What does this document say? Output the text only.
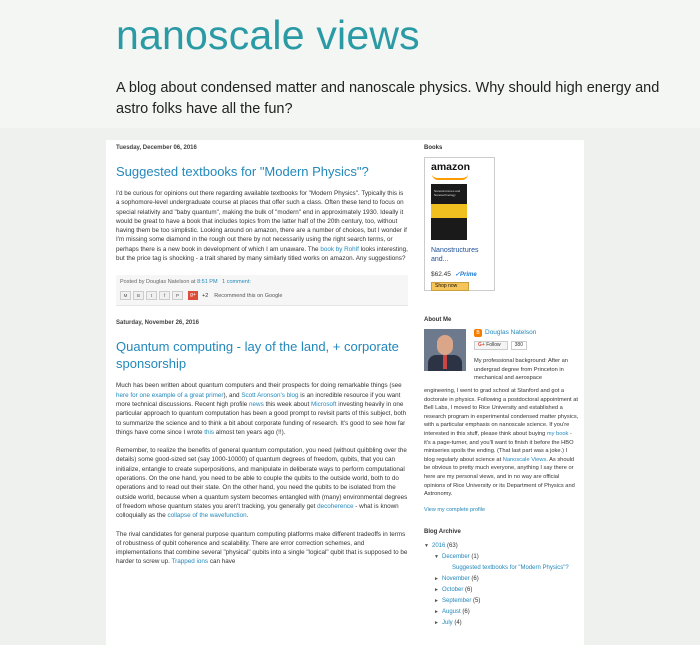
nanoscale views
A blog about condensed matter and nanoscale physics. Why should high energy and astro folks have all the fun?
Tuesday, December 06, 2016
Suggested textbooks for "Modern Physics"?

I'd be curious for opinions out there regarding available textbooks for "Modern Physics". Typically this is a sophomore-level undergraduate course at places that offer such a class. Often these tend to focus on special relativity and "baby quantum", making the bulk of "modern" end in approximately 1930. Ideally it would be great to have a book that includes topics from the latter half of the 20th century, too, without having them be too simplistic. Looking around on amazon, there are a number of choices, but I wonder if I'm missing some diamond in the rough out there by not necessarily using the right search terms, or perhaps there is a new book in development of which I am unaware. The book by Rohlf looks interesting, but the price tag is shocking - a trait shared by many similarly titled works on amazon. Any suggestions?

Posted by Douglas Natelson at 8:51 PM 1 comment:
M	B	t	f	P	g+	+2 Recommend this on Google
Saturday, November 26, 2016
Quantum computing - lay of the land, + corporate sponsorship

Much has been written about quantum computers and their prospects for doing remarkable things (see here for one example of a great primer), and Scott Aronson's blog is an incredible resource if you want more technical discussions. Recent high profile news this week about Microsoft investing heavily in one particular approach to quantum computation has been a good prompt to revisit parts of this subject, both to summarize the science and to think a bit about corporate funding of research. It's good to see how far things have come since I wrote this almost ten years ago (!!).

Remember, to realize the benefits of general quantum computation, you need (without quibbling over the details) some good-sized set (say 1000-10000) of quantum degrees of freedom, qubits, that you can initialize, entangle to create superpositions, and manipulate in deliberate ways to perform computational operations. On the one hand, you need to be able to couple the qubits to the outside world, both to do operations and to read out their state. On the other hand, you need the qubits to be isolated from the outside world, because when a quantum system becomes entangled with (many) environmental degrees of freedom whose quantum states you aren't tracking, you generally get decoherence - what is known colloquially as the collapse of the wavefunction.

The rival candidates for general purpose quantum computing platforms make different tradeoffs in terms of robustness of qubit coherence and scalability. There are error correction schemes, and implementations that combine several "physical" qubits into a single "logical" qubit that is supposed to be harder to screw up. Trapped ions can have

Books
amazon
Nanostructures and Nanotechnology
Nanostructures and...
$62.45 ✓Prime
Shop now
About Me
B Douglas Natelson
G+ Follow	380
My professional background: After an undergrad degree from Princeton in mechanical and aerospace
engineering, I went to grad school at Stanford and got a doctorate in physics. Following a postdoctoral appointment at Bell Labs, I moved to Rice University and established a research program in experimental condensed matter physics, with a particular emphasis on nanoscale science. If you're interested in this stuff, please think about buying my book - it's a page-turner, and you'll want to finish it before the HBO miniseries spoils the ending. (That last part was a joke.) I blog regularly about science at Nanoscale Views. As should be obvious to pretty much everyone, anything I say there or here are my personal views, and in no way are official opinions of Rice University or its Department of Physics and Astronomy.
View my complete profile
Blog Archive
▼ 2016 (63)
▼ December (1)
Suggested textbooks for "Modern Physics"?
► November (6)
► October (6)
► September (5)
► August (6)
► July (4)
